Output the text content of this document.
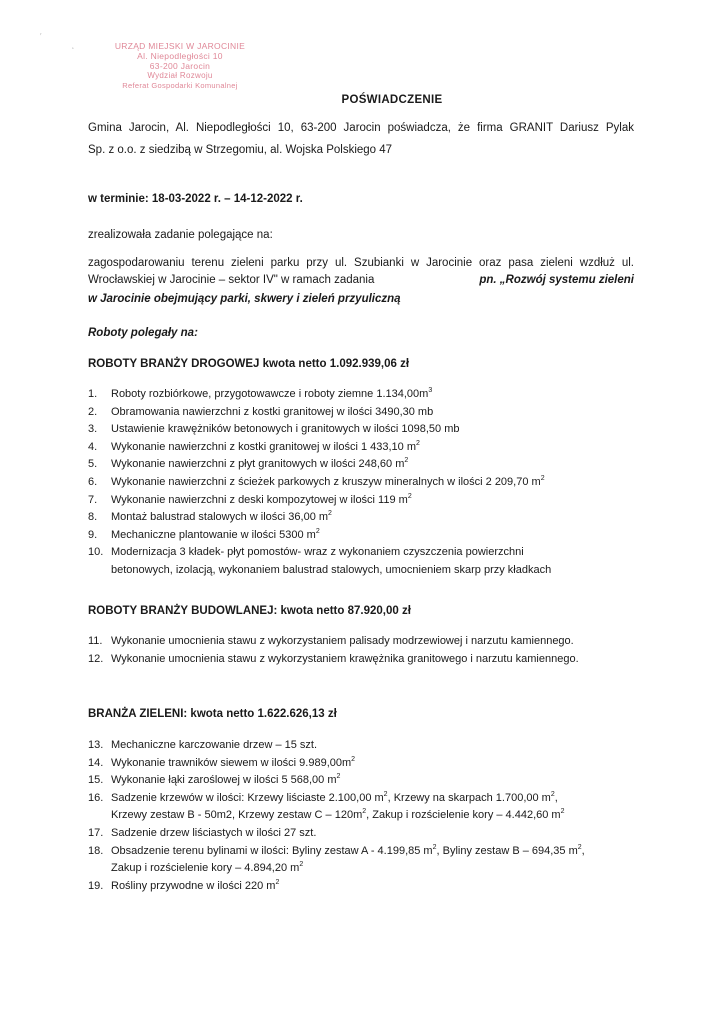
′
˛	URZĄD MIEJSKI W JAROCINIE
Al. Niepodległości 10
63-200 Jarocin
Wydział Rozwoju
Referat Gospodarki Komunalnej
POŚWIADCZENIE
Gmina Jarocin, Al. Niepodległości 10, 63-200 Jarocin poświadcza, że firma GRANIT Dariusz Pylak
Sp. z o.o. z siedzibą w Strzegomiu, al. Wojska Polskiego 47
w terminie: 18-03-2022 r. – 14-12-2022 r.
zrealizowała zadanie polegające na:
zagospodarowaniu terenu zieleni parku przy ul. Szubianki w Jarocinie oraz pasa zieleni wzdłuż ul.
Wrocławskiej w Jarocinie – sektor IV" w ramach zadania	pn. „Rozwój systemu zieleni
w Jarocinie obejmujący parki, skwery i zieleń przyuliczną
Roboty polegały na:
ROBOTY BRANŻY DROGOWEJ kwota netto 1.092.939,06 zł
1. Roboty rozbiórkowe, przygotowawcze i roboty ziemne $1.134,00m^3$
2. Obramowania nawierzchni z kostki granitowej w ilości 3490,30 mb
3. Ustawienie krawężników betonowych i granitowych w ilości 1098,50 mb
4. Wykonanie nawierzchni z kostki granitowej w ilości 1 433,10 $m^2$
5. Wykonanie nawierzchni z płyt granitowych w ilości 248,60 $m^2$
6. Wykonanie nawierzchni z ścieżek parkowych z kruszyw mineralnych w ilości 2 209,70 $m^2$
7. Wykonanie nawierzchni z deski kompozytowej w ilości 119 $m^2$
8. Montaż balustrad stalowych w ilości 36,00 $m^2$
9. Mechaniczne plantowanie w ilości 5300 $m^2$
10. Modernizacja 3 kładek- płyt pomostów- wraz z wykonaniem czyszczenia powierzchni
betonowych, izolacją, wykonaniem balustrad stalowych, umocnieniem skarp przy kładkach
ROBOTY BRANŻY BUDOWLANEJ: kwota netto 87.920,00 zł
11. Wykonanie umocnienia stawu z wykorzystaniem palisady modrzewiowej i narzutu kamiennego.
12. Wykonanie umocnienia stawu z wykorzystaniem krawężnika granitowego i narzutu kamiennego.
BRANŻA ZIELENI: kwota netto 1.622.626,13 zł
13. Mechaniczne karczowanie drzew – 15 szt.
14. Wykonanie trawników siewem w ilości $9.989,00m^2$
15. Wykonanie łąki zaroślowej w ilości 5 568,00 $m^2$
16. Sadzenie krzewów w ilości: Krzewy liściaste 2.100,00 $m^2$, Krzewy na skarpach 1.700,00 $m^2$,
Krzewy zestaw B - 50m2, Krzewy zestaw C – $120m^2$, Zakup i rozścielenie kory – 4.442,60 $m^2$
17. Sadzenie drzew liściastych w ilości 27 szt.
18. Obsadzenie terenu bylinami w ilości: Byliny zestaw A - 4.199,85 $m^2$, Byliny zestaw B – 694,35 $m^2$,
Zakup i rozścielenie kory – 4.894,20 $m^2$
19. Rośliny przywodne w ilości 220 $m^2$
